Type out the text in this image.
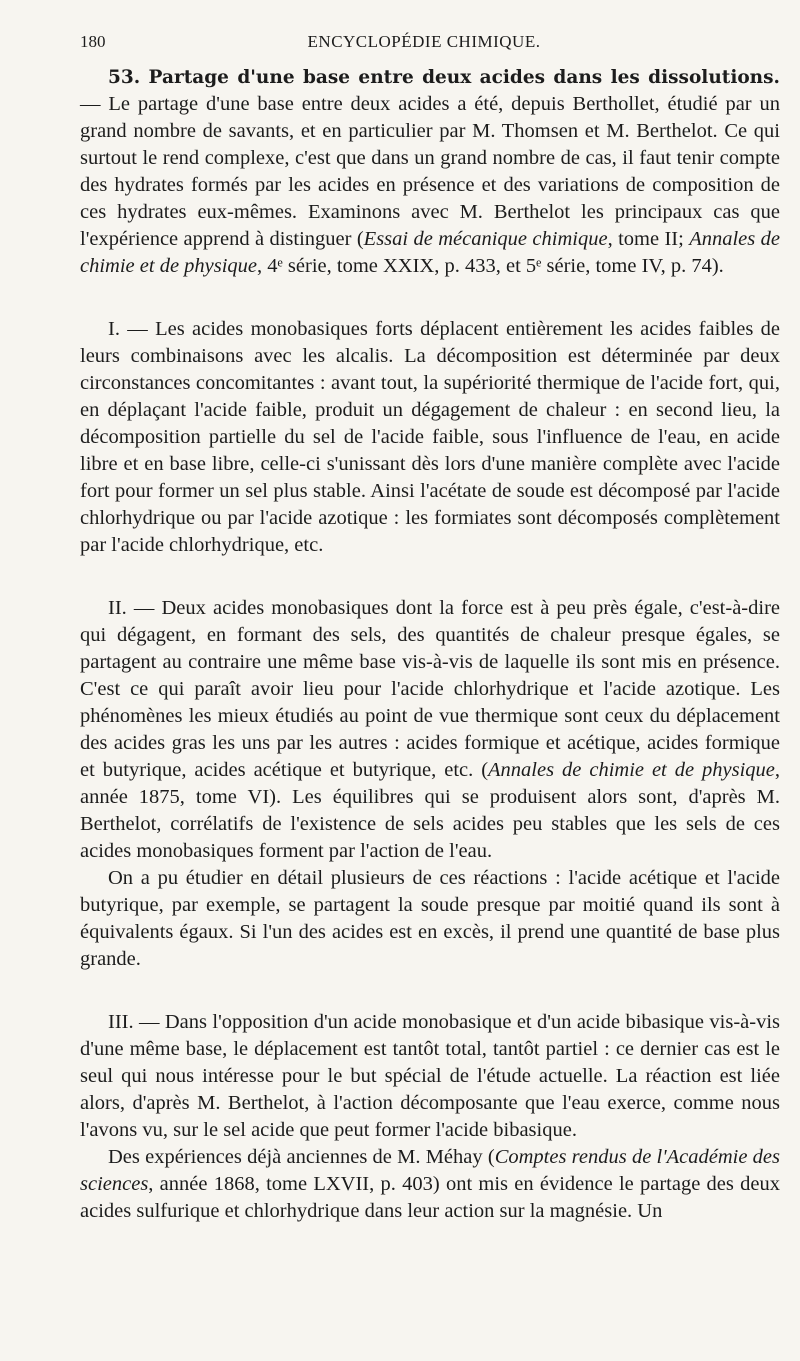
180	ENCYCLOPÉDIE CHIMIQUE.

53. Partage d'une base entre deux acides dans les dissolutions. — Le partage d'une base entre deux acides a été, depuis Berthollet, étudié par un grand nombre de savants, et en particulier par M. Thomsen et M. Berthelot. Ce qui surtout le rend complexe, c'est que dans un grand nombre de cas, il faut tenir compte des hydrates formés par les acides en présence et des variations de composition de ces hydrates eux-mêmes. Examinons avec M. Berthelot les principaux cas que l'expérience apprend à distinguer (Essai de mécanique chimique, tome II; Annales de chimie et de physique, 4ᵉ série, tome XXIX, p. 433, et 5ᵉ série, tome IV, p. 74).

I. — Les acides monobasiques forts déplacent entièrement les acides faibles de leurs combinaisons avec les alcalis. La décomposition est déterminée par deux circonstances concomitantes : avant tout, la supériorité thermique de l'acide fort, qui, en déplaçant l'acide faible, produit un dégagement de chaleur : en second lieu, la décomposition partielle du sel de l'acide faible, sous l'influence de l'eau, en acide libre et en base libre, celle-ci s'unissant dès lors d'une manière complète avec l'acide fort pour former un sel plus stable. Ainsi l'acétate de soude est décomposé par l'acide chlorhydrique ou par l'acide azotique : les formiates sont décomposés complètement par l'acide chlorhydrique, etc.

II. — Deux acides monobasiques dont la force est à peu près égale, c'est-à-dire qui dégagent, en formant des sels, des quantités de chaleur presque égales, se partagent au contraire une même base vis-à-vis de laquelle ils sont mis en présence. C'est ce qui paraît avoir lieu pour l'acide chlorhydrique et l'acide azotique. Les phénomènes les mieux étudiés au point de vue thermique sont ceux du déplacement des acides gras les uns par les autres : acides formique et acétique, acides formique et butyrique, acides acétique et butyrique, etc. (Annales de chimie et de physique, année 1875, tome VI). Les équilibres qui se produisent alors sont, d'après M. Berthelot, corrélatifs de l'existence de sels acides peu stables que les sels de ces acides monobasiques forment par l'action de l'eau.

On a pu étudier en détail plusieurs de ces réactions : l'acide acétique et l'acide butyrique, par exemple, se partagent la soude presque par moitié quand ils sont à équivalents égaux. Si l'un des acides est en excès, il prend une quantité de base plus grande.

III. — Dans l'opposition d'un acide monobasique et d'un acide bibasique vis-à-vis d'une même base, le déplacement est tantôt total, tantôt partiel : ce dernier cas est le seul qui nous intéresse pour le but spécial de l'étude actuelle. La réaction est liée alors, d'après M. Berthelot, à l'action décomposante que l'eau exerce, comme nous l'avons vu, sur le sel acide que peut former l'acide bibasique.

Des expériences déjà anciennes de M. Méhay (Comptes rendus de l'Académie des sciences, année 1868, tome LXVII, p. 403) ont mis en évidence le partage des deux acides sulfurique et chlorhydrique dans leur action sur la magnésie. Un
